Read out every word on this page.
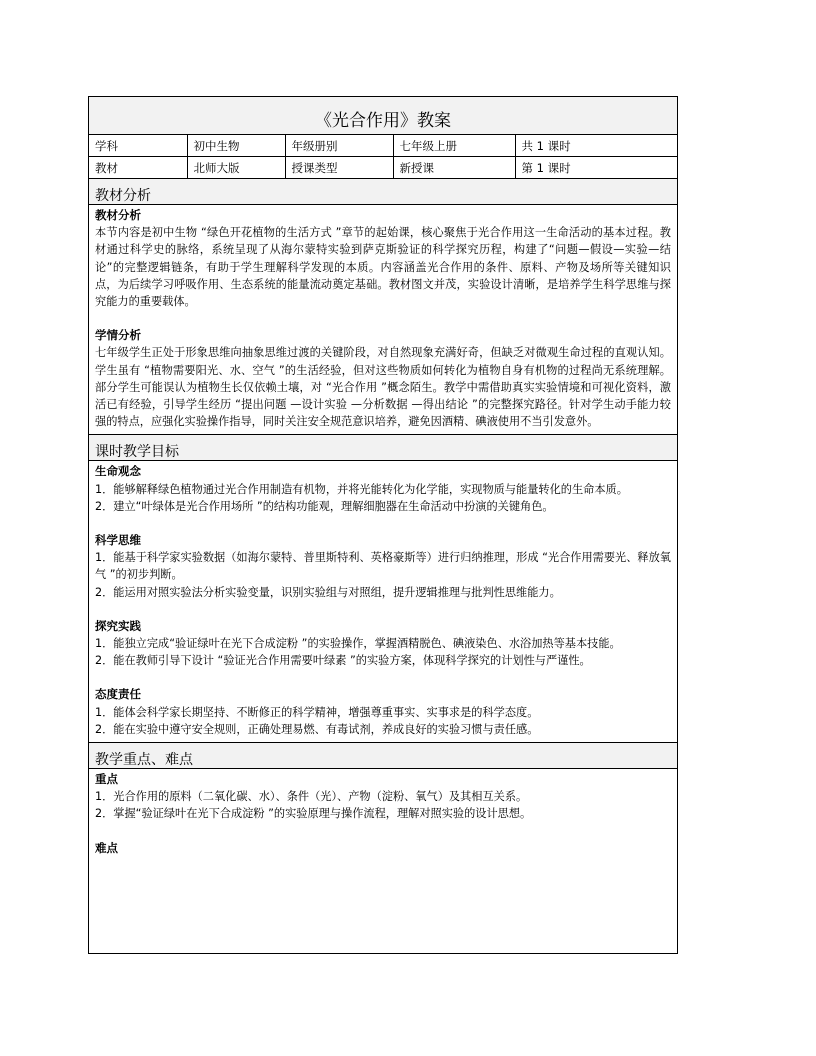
《光合作用》教案
学科	初中生物	年级册别	七年级上册	共 1 课时
教材	北师大版	授课类型	新授课	第 1 课时
教材分析
教材分析
本节内容是初中生物 “绿色开花植物的生活方式 ”章节的起始课，核心聚焦于光合作用这一生命活动的基本过程。教材通过科学史的脉络，系统呈现了从海尔蒙特实验到萨克斯验证的科学探究历程，构建了“问题—假设—实验—结论”的完整逻辑链条，有助于学生理解科学发现的本质。内容涵盖光合作用的条件、原料、产物及场所等关键知识点，为后续学习呼吸作用、生态系统的能量流动奠定基础。教材图文并茂，实验设计清晰，是培养学生科学思维与探究能力的重要载体。
学情分析
七年级学生正处于形象思维向抽象思维过渡的关键阶段，对自然现象充满好奇，但缺乏对微观生命过程的直观认知。学生虽有 “植物需要阳光、水、空气 ”的生活经验，但对这些物质如何转化为植物自身有机物的过程尚无系统理解。部分学生可能误认为植物生长仅依赖土壤，对 “光合作用 ”概念陌生。教学中需借助真实实验情境和可视化资料，激活已有经验，引导学生经历 “提出问题 —设计实验 —分析数据 —得出结论 ”的完整探究路径。针对学生动手能力较强的特点，应强化实验操作指导，同时关注安全规范意识培养，避免因酒精、碘液使用不当引发意外。
课时教学目标
生命观念
1．能够解释绿色植物通过光合作用制造有机物，并将光能转化为化学能，实现物质与能量转化的生命本质。
2．建立“叶绿体是光合作用场所 ”的结构功能观，理解细胞器在生命活动中扮演的关键角色。
科学思维
1．能基于科学家实验数据（如海尔蒙特、普里斯特利、英格豪斯等）进行归纳推理，形成 “光合作用需要光、释放氧气 ”的初步判断。
2．能运用对照实验法分析实验变量，识别实验组与对照组，提升逻辑推理与批判性思维能力。
探究实践
1．能独立完成“验证绿叶在光下合成淀粉 ”的实验操作，掌握酒精脱色、碘液染色、水浴加热等基本技能。
2．能在教师引导下设计 “验证光合作用需要叶绿素 ”的实验方案，体现科学探究的计划性与严谨性。
态度责任
1．能体会科学家长期坚持、不断修正的科学精神，增强尊重事实、实事求是的科学态度。
2．能在实验中遵守安全规则，正确处理易燃、有毒试剂，养成良好的实验习惯与责任感。
教学重点、难点
重点
1．光合作用的原料（二氧化碳、水）、条件（光）、产物（淀粉、氧气）及其相互关系。
2．掌握“验证绿叶在光下合成淀粉 ”的实验原理与操作流程，理解对照实验的设计思想。
难点
